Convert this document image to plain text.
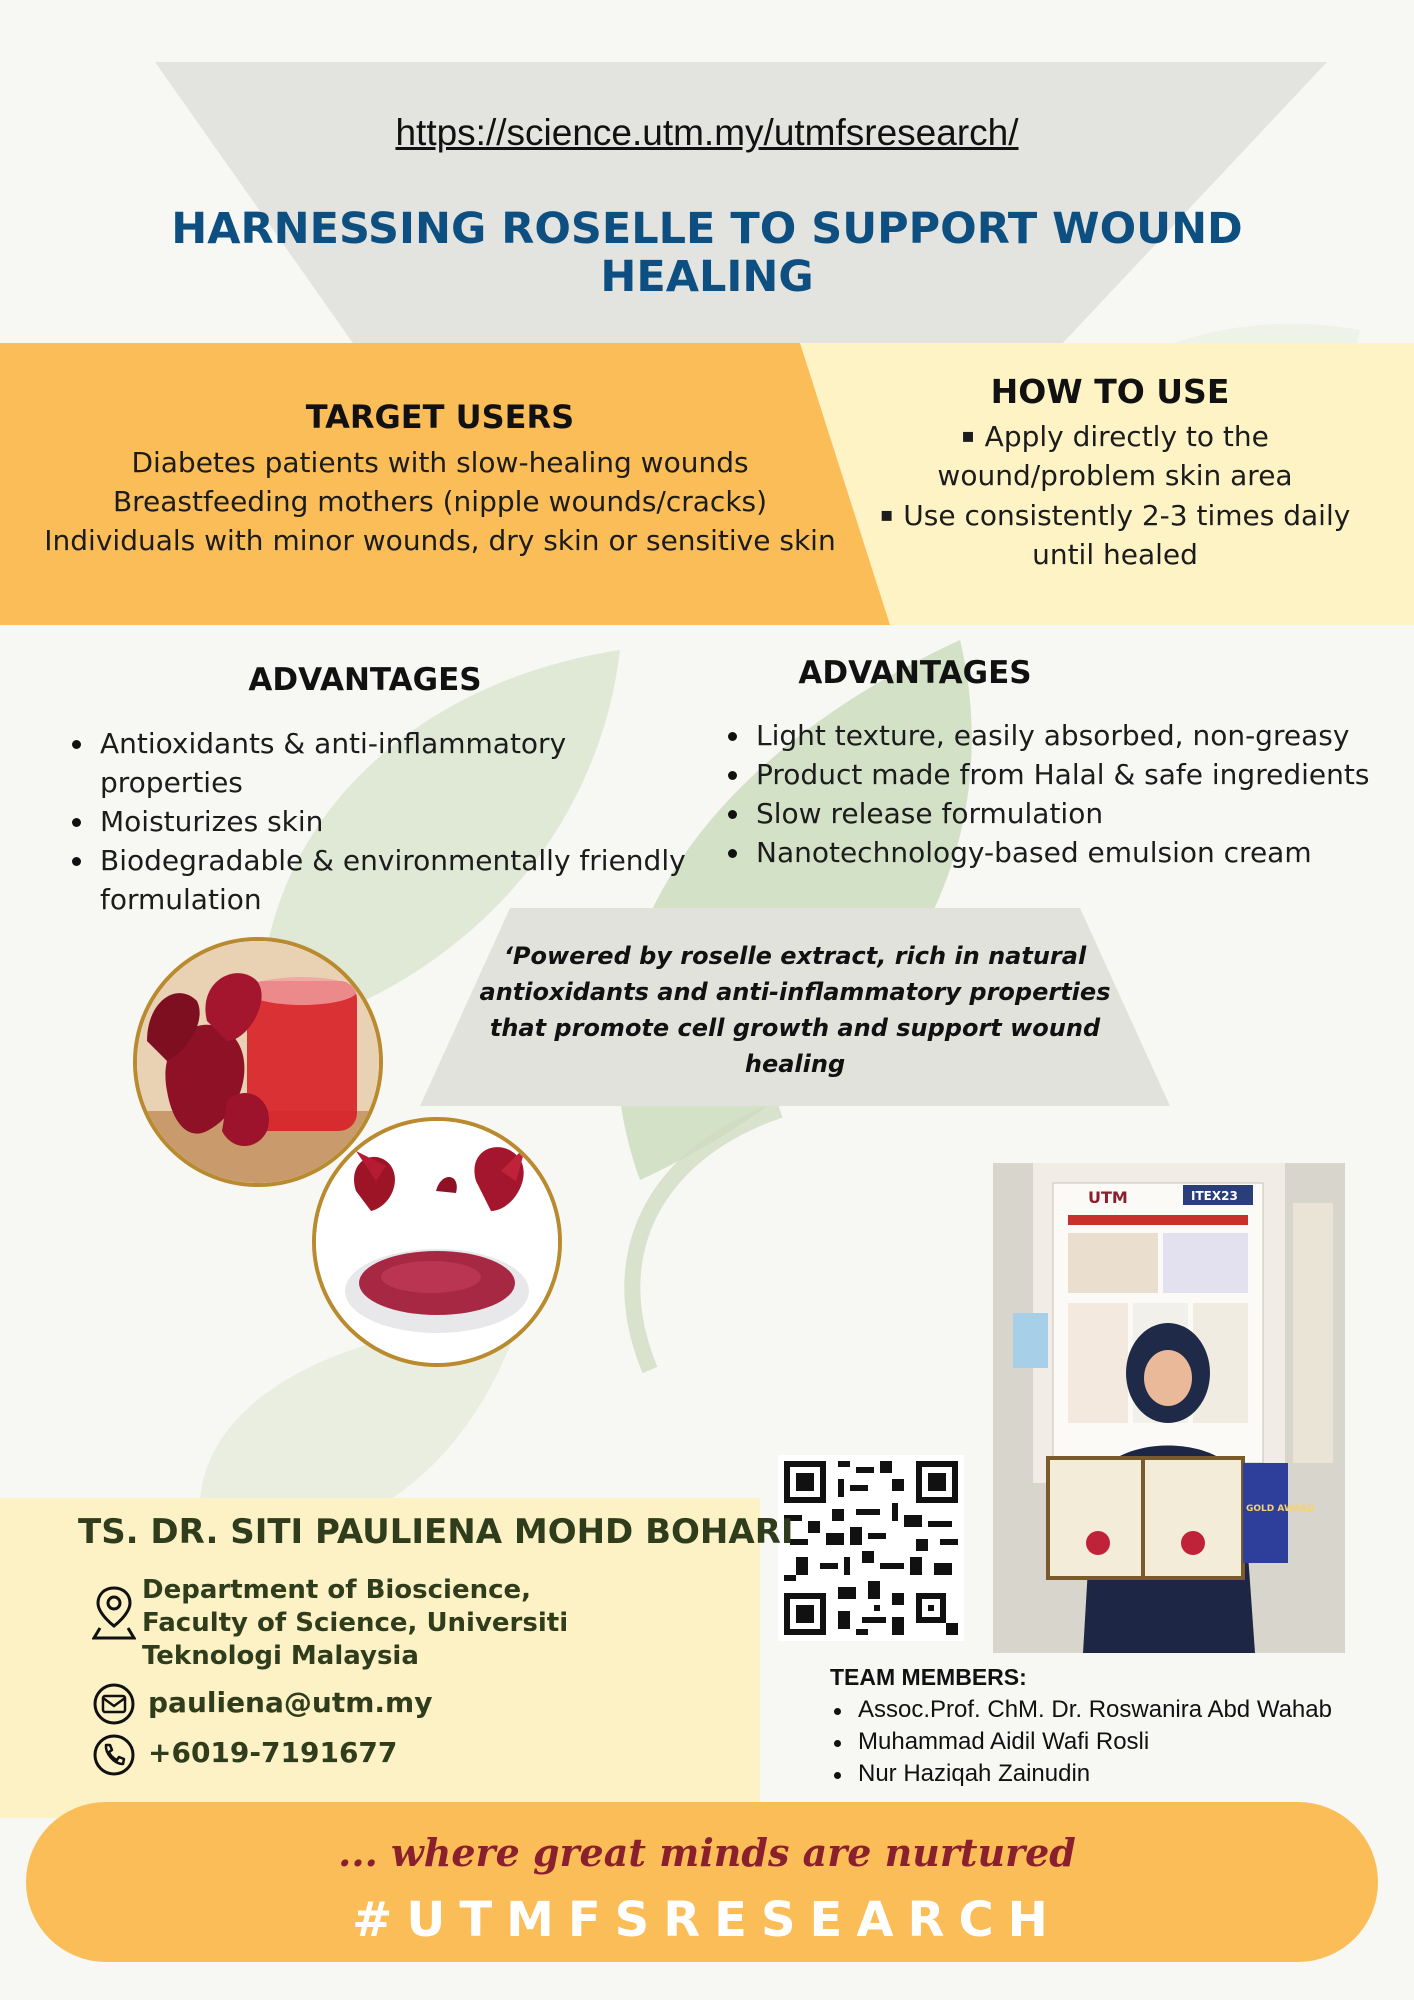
https://science.utm.my/utmfsresearch/
HARNESSING ROSELLE TO SUPPORT WOUND HEALING
TARGET USERS
Diabetes patients with slow-healing wounds
Breastfeeding mothers (nipple wounds/cracks)
Individuals with minor wounds, dry skin or sensitive skin
HOW TO USE
▪ Apply directly to the wound/problem skin area
▪ Use consistently 2-3 times daily until healed
ADVANTAGES
Antioxidants & anti-inflammatory properties
Moisturizes skin
Biodegradable & environmentally friendly formulation
ADVANTAGES
Light texture, easily absorbed, non-greasy
Product made from Halal & safe ingredients
Slow release formulation
Nanotechnology-based emulsion cream
‘Powered by roselle extract, rich in natural antioxidants and anti-inflammatory properties that promote cell growth and support wound healing
UTM	ITEX23
GOLD AWARD
TS. DR. SITI PAULIENA MOHD BOHARI
Department of Bioscience, Faculty of Science, Universiti Teknologi Malaysia
pauliena@utm.my
+6019-7191677
TEAM MEMBERS:
Assoc.Prof. ChM. Dr. Roswanira Abd Wahab
Muhammad Aidil Wafi Rosli
Nur Haziqah Zainudin
... where great minds are nurtured
#UTMFSRESEARCH
